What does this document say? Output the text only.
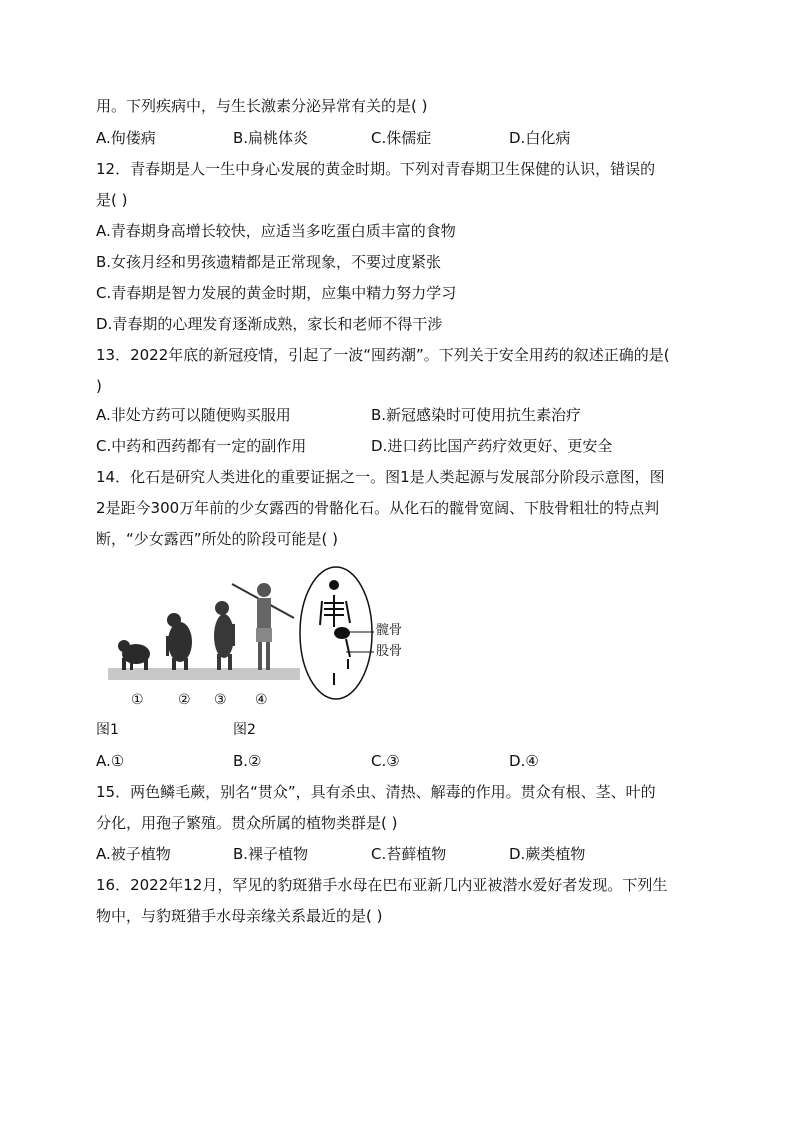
用。下列疾病中，与生长激素分泌异常有关的是( )
A.佝偻病	B.扁桃体炎	C.侏儒症	D.白化病
12．青春期是人一生中身心发展的黄金时期。下列对青春期卫生保健的认识，错误的
是( )
A.青春期身高增长较快，应适当多吃蛋白质丰富的食物
B.女孩月经和男孩遗精都是正常现象，不要过度紧张
C.青春期是智力发展的黄金时期，应集中精力努力学习
D.青春期的心理发育逐渐成熟，家长和老师不得干涉
13．2022年底的新冠疫情，引起了一波“囤药潮”。下列关于安全用药的叙述正确的是(
)
A.非处方药可以随便购买服用	B.新冠感染时可使用抗生素治疗
C.中药和西药都有一定的副作用	D.进口药比国产药疗效更好、更安全
14．化石是研究人类进化的重要证据之一。图1是人类起源与发展部分阶段示意图，图
2是距今300万年前的少女露西的骨骼化石。从化石的髋骨宽阔、下肢骨粗壮的特点判
断，“少女露西”所处的阶段可能是( )
① ② ③ ④
髋骨
股骨
图1	图2
A.①	B.②	C.③	D.④
15．两色鳞毛蕨，别名“贯众”，具有杀虫、清热、解毒的作用。贯众有根、茎、叶的
分化，用孢子繁殖。贯众所属的植物类群是( )
A.被子植物	B.裸子植物	C.苔藓植物	D.蕨类植物
16．2022年12月，罕见的豹斑猎手水母在巴布亚新几内亚被潜水爱好者发现。下列生
物中，与豹斑猎手水母亲缘关系最近的是( )
